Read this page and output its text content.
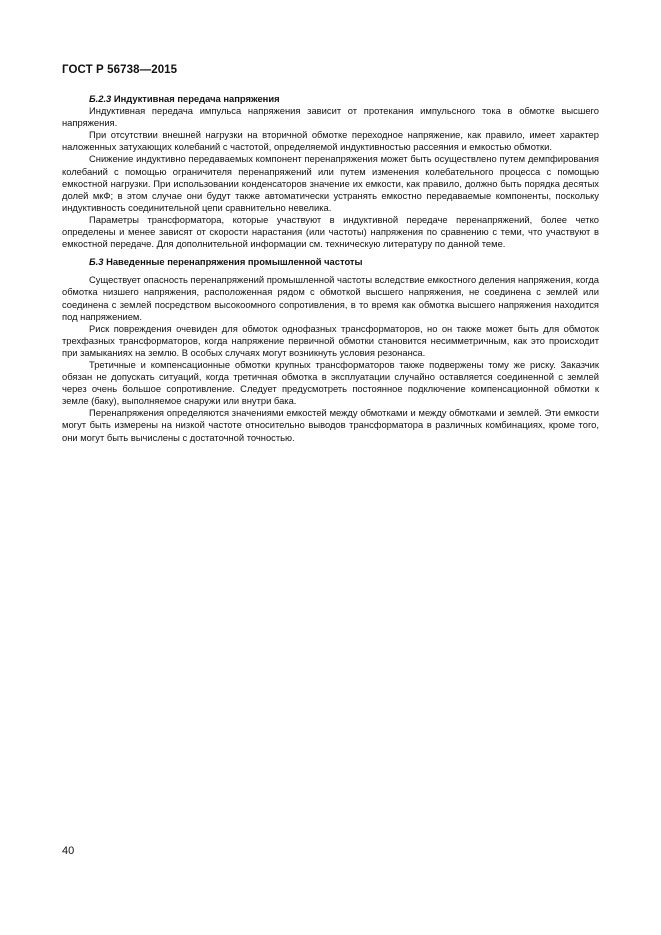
ГОСТ Р 56738—2015

Б.2.3 Индуктивная передача напряжения

Индуктивная передача импульса напряжения зависит от протекания импульсного тока в обмотке высшего напряжения.

При отсутствии внешней нагрузки на вторичной обмотке переходное напряжение, как правило, имеет характер наложенных затухающих колебаний с частотой, определяемой индуктивностью рассеяния и емкостью обмотки.

Снижение индуктивно передаваемых компонент перенапряжения может быть осуществлено путем демпфирования колебаний с помощью ограничителя перенапряжений или путем изменения колебательного процесса с помощью емкостной нагрузки. При использовании конденсаторов значение их емкости, как правило, должно быть порядка десятых долей мкФ; в этом случае они будут также автоматически устранять емкостно передаваемые компоненты, поскольку индуктивность соединительной цепи сравнительно невелика.

Параметры трансформатора, которые участвуют в индуктивной передаче перенапряжений, более четко определены и менее зависят от скорости нарастания (или частоты) напряжения по сравнению с теми, что участвуют в емкостной передаче. Для дополнительной информации см. техническую литературу по данной теме.

Б.3 Наведенные перенапряжения промышленной частоты

Существует опасность перенапряжений промышленной частоты вследствие емкостного деления напряжения, когда обмотка низшего напряжения, расположенная рядом с обмоткой высшего напряжения, не соединена с землей или соединена с землей посредством высокоомного сопротивления, в то время как обмотка высшего напряжения находится под напряжением.

Риск повреждения очевиден для обмоток однофазных трансформаторов, но он также может быть для обмоток трехфазных трансформаторов, когда напряжение первичной обмотки становится несимметричным, как это происходит при замыканиях на землю. В особых случаях могут возникнуть условия резонанса.

Третичные и компенсационные обмотки крупных трансформаторов также подвержены тому же риску. Заказчик обязан не допускать ситуаций, когда третичная обмотка в эксплуатации случайно оставляется соединенной с землей через очень большое сопротивление. Следует предусмотреть постоянное подключение компенсационной обмотки к земле (баку), выполняемое снаружи или внутри бака.

Перенапряжения определяются значениями емкостей между обмотками и между обмотками и землей. Эти емкости могут быть измерены на низкой частоте относительно выводов трансформатора в различных комбинациях, кроме того, они могут быть вычислены с достаточной точностью.

40
